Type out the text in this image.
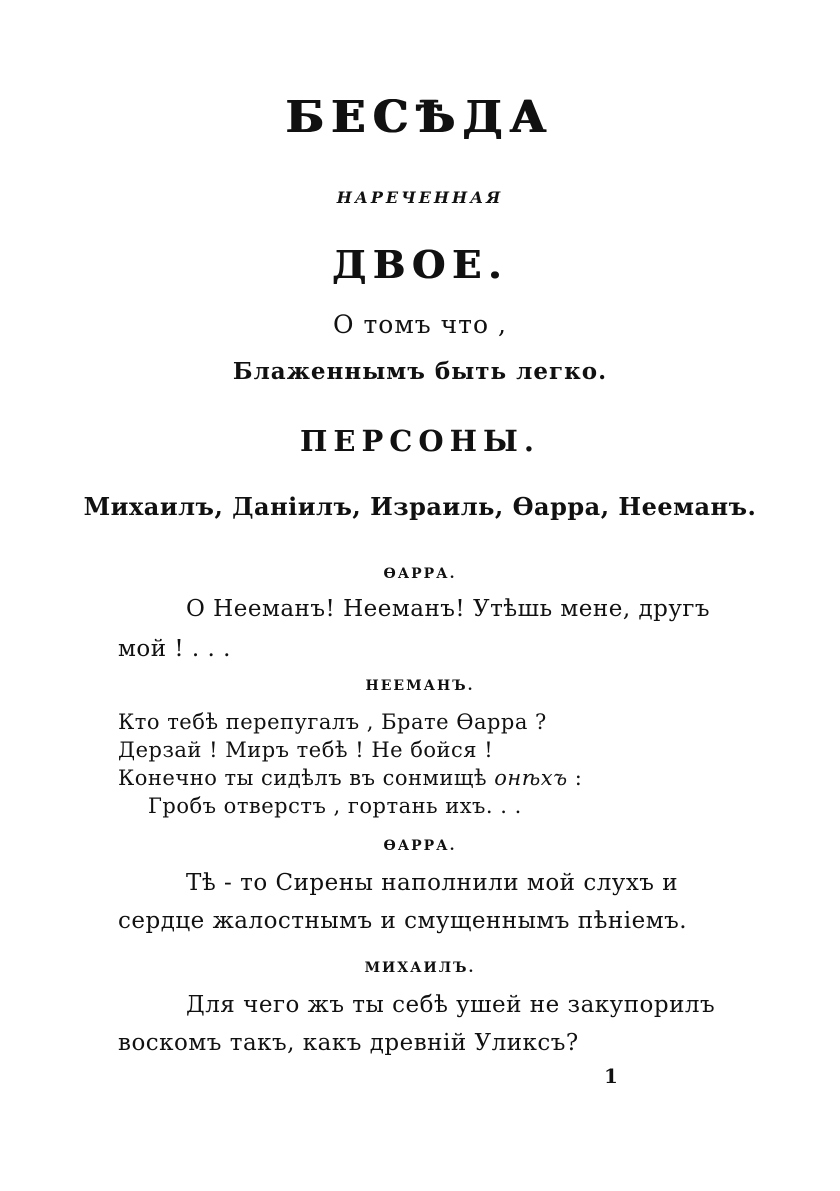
БЕСѢДА
НАРЕЧЕННАЯ
ДВОЕ.
О томъ что ,
Блаженнымъ быть легко.
ПЕРСОНЫ.
Михаилъ, Даніилъ, Израиль, Ѳарра, Нееманъ.
ѲАРРА.
О Нееманъ! Нееманъ! Утѣшь мене, другъ
мой ! . . .
НЕЕМАНЪ.
Кто тебѣ перепугалъ , Брате Ѳарра ?
Дерзай ! Миръ тебѣ ! Не бойся !
Конечно ты сидѣлъ въ сонмищѣ онѣхъ :
Гробъ отверстъ , гортань ихъ. . .
ѲАРРА.
Тѣ - то Сирены наполнили мой слухъ и
сердце жалостнымъ и смущеннымъ пѣніемъ.
МИХАИЛЪ.
Для чего жъ ты себѣ ушей не закупорилъ
воскомъ такъ, какъ древній Уликсъ?
1
